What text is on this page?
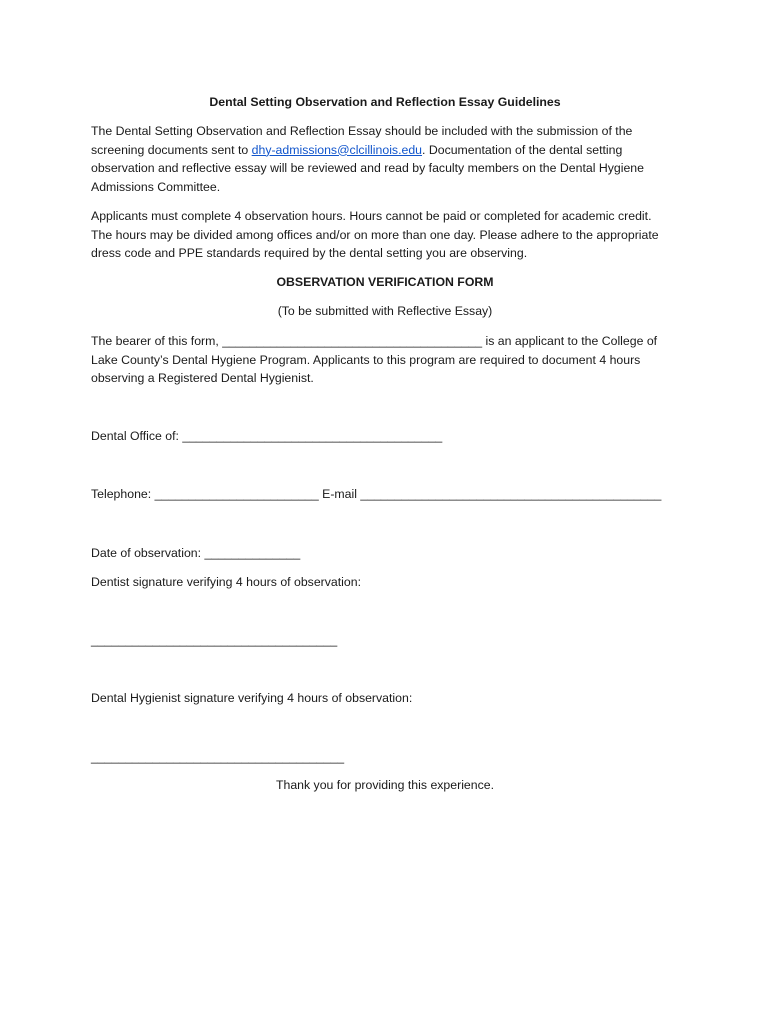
Dental Setting Observation and Reflection Essay Guidelines

The Dental Setting Observation and Reflection Essay should be included with the submission of the screening documents sent to dhy-admissions@clcillinois.edu. Documentation of the dental setting observation and reflective essay will be reviewed and read by faculty members on the Dental Hygiene Admissions Committee.

Applicants must complete 4 observation hours. Hours cannot be paid or completed for academic credit. The hours may be divided among offices and/or on more than one day. Please adhere to the appropriate dress code and PPE standards required by the dental setting you are observing.

OBSERVATION VERIFICATION FORM

(To be submitted with Reflective Essay)

The bearer of this form, ______________________________________ is an applicant to the College of Lake County’s Dental Hygiene Program. Applicants to this program are required to document 4 hours observing a Registered Dental Hygienist.

Dental Office of: ______________________________________

Telephone: ________________________ E-mail ____________________________________________

Date of observation: ______________

Dentist signature verifying 4 hours of observation:

____________________________________

Dental Hygienist signature verifying 4 hours of observation:

_____________________________________

Thank you for providing this experience.
